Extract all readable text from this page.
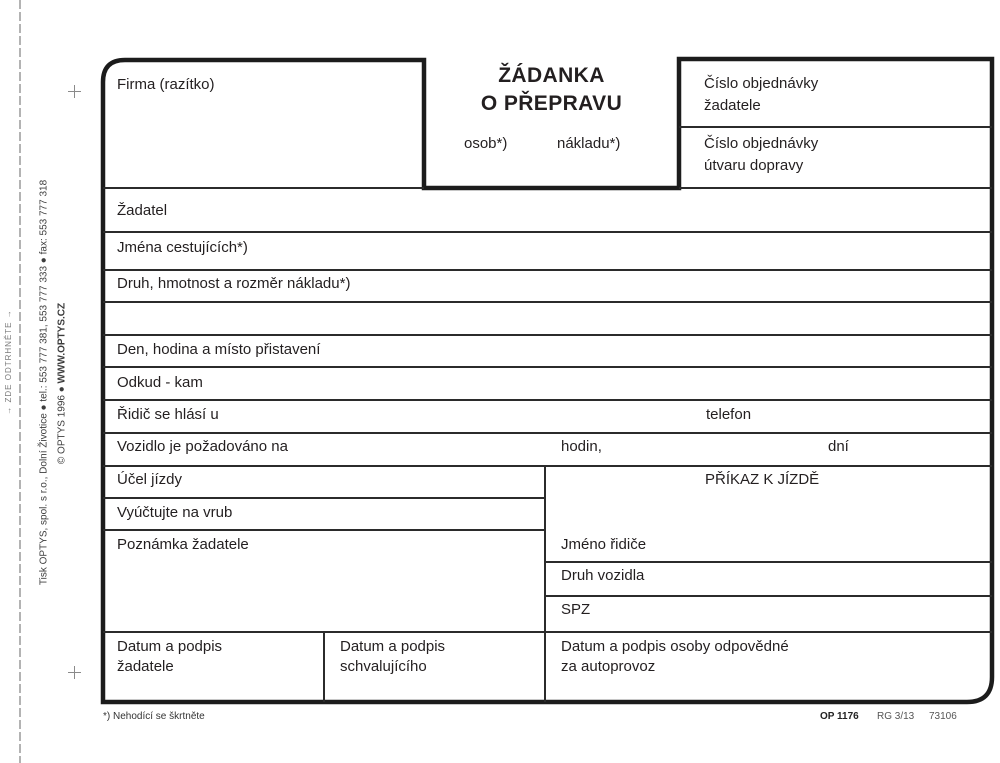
→ ZDE ODTRHNĚTE →	Tisk OPTYS, spol. s r.o., Dolní Životice ● tel.: 553 777 381, 553 777 333 ● fax: 553 777 318 © OPTYS 1996 ● WWW.OPTYS.CZ
Firma (razítko)	ŽÁDANKA
O PŘEPRAVU
osob*)	nákladu*)
Číslo objednávky
žadatele
Číslo objednávky
útvaru dopravy
Žadatel
Jména cestujících*)
Druh, hmotnost a rozměr nákladu*)
Den, hodina a místo přistavení
Odkud - kam
Řidič se hlásí u	telefon
Vozidlo je požadováno na	hodin,	dní
Účel jízdy
Vyúčtujte na vrub
Poznámka žadatele
PŘÍKAZ K JÍZDĚ
Jméno řidiče
Druh vozidla
SPZ
Datum a podpis
žadatele
Datum a podpis
schvalujícího
Datum a podpis osoby odpovědné
za autoprovoz
*) Nehodící se škrtněte	OP 1176 RG 3/13 73106
